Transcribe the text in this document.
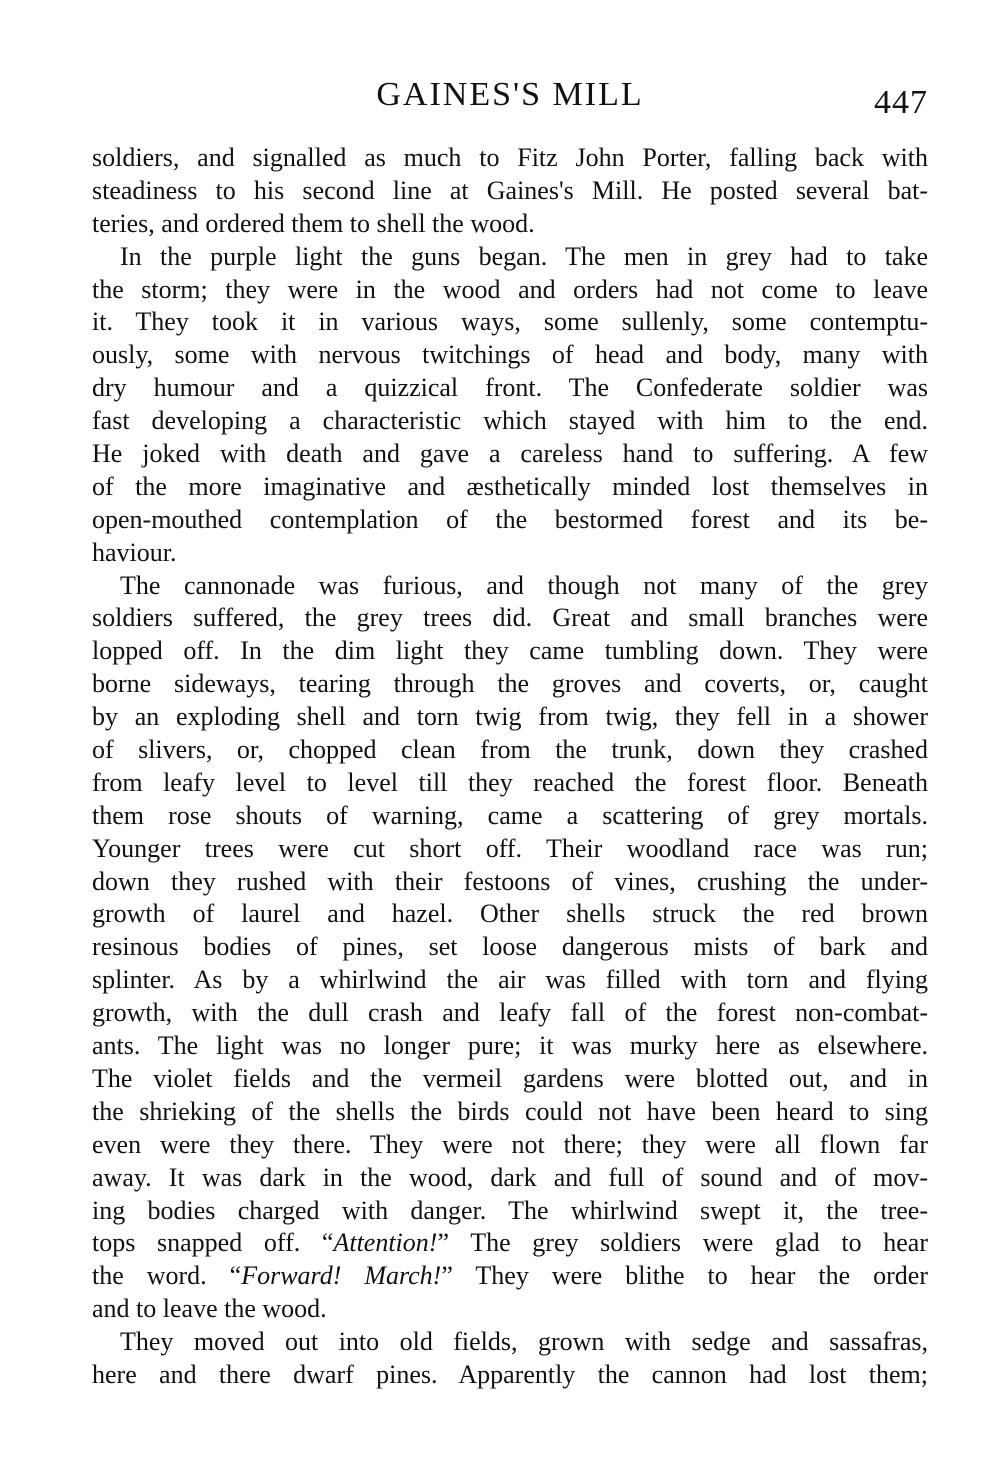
GAINES'S MILL	447
soldiers, and signalled as much to Fitz John Porter, falling back with
steadiness to his second line at Gaines's Mill. He posted several bat-
teries, and ordered them to shell the wood.
In the purple light the guns began. The men in grey had to take
the storm; they were in the wood and orders had not come to leave
it. They took it in various ways, some sullenly, some contemptu-
ously, some with nervous twitchings of head and body, many with
dry humour and a quizzical front. The Confederate soldier was
fast developing a characteristic which stayed with him to the end.
He joked with death and gave a careless hand to suffering. A few
of the more imaginative and æsthetically minded lost themselves in
open-mouthed contemplation of the bestormed forest and its be-
haviour.
The cannonade was furious, and though not many of the grey
soldiers suffered, the grey trees did. Great and small branches were
lopped off. In the dim light they came tumbling down. They were
borne sideways, tearing through the groves and coverts, or, caught
by an exploding shell and torn twig from twig, they fell in a shower
of slivers, or, chopped clean from the trunk, down they crashed
from leafy level to level till they reached the forest floor. Beneath
them rose shouts of warning, came a scattering of grey mortals.
Younger trees were cut short off. Their woodland race was run;
down they rushed with their festoons of vines, crushing the under-
growth of laurel and hazel. Other shells struck the red brown
resinous bodies of pines, set loose dangerous mists of bark and
splinter. As by a whirlwind the air was filled with torn and flying
growth, with the dull crash and leafy fall of the forest non-combat-
ants. The light was no longer pure; it was murky here as elsewhere.
The violet fields and the vermeil gardens were blotted out, and in
the shrieking of the shells the birds could not have been heard to sing
even were they there. They were not there; they were all flown far
away. It was dark in the wood, dark and full of sound and of mov-
ing bodies charged with danger. The whirlwind swept it, the tree-
tops snapped off. “Attention!” The grey soldiers were glad to hear
the word. “Forward! March!” They were blithe to hear the order
and to leave the wood.
They moved out into old fields, grown with sedge and sassafras,
here and there dwarf pines. Apparently the cannon had lost them;
